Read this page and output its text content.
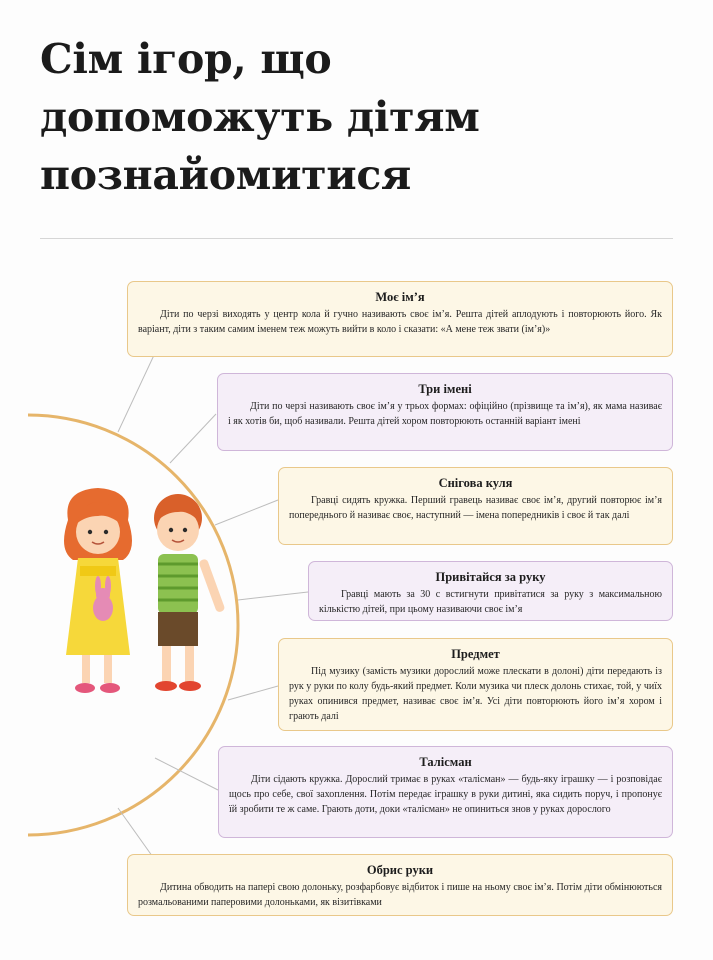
Сім ігор, що
допоможуть дітям
познайомитися
Моє ім’я
Діти по черзі виходять у центр кола й гучно називають своє ім’я. Решта дітей аплодують і повторюють його. Як варіант, діти з таким самим іменем теж можуть вийти в коло і сказати: «А мене теж звати (ім’я)»
Три імені
Діти по черзі називають своє ім’я у трьох формах: офіційно (прізвище та ім’я), як мама називає і як хотів би, щоб називали. Решта дітей хором повторюють останній варіант імені
Снігова куля
Гравці сидять кружка. Перший гравець називає своє ім’я, другий повторює ім’я попереднього й називає своє, наступний — імена попередників і своє й так далі
Привітайся за руку
Гравці мають за 30 с встигнути привітатися за руку з максимальною кількістю дітей, при цьому називаючи своє ім’я
Предмет
Під музику (замість музики дорослий може плескати в долоні) діти передають із рук у руки по колу будь-який предмет. Коли музика чи плеск долонь стихає, той, у чиїх руках опинився предмет, називає своє ім’я. Усі діти повторюють його ім’я хором і грають далі
Талісман
Діти сідають кружка. Дорослий тримає в руках «талісман» — будь-яку іграшку — і розповідає щось про себе, свої захоплення. Потім передає іграшку в руки дитині, яка сидить поруч, і пропонує їй зробити те ж саме. Грають доти, доки «талісман» не опиниться знов у руках дорослого
Обрис руки
Дитина обводить на папері свою долоньку, розфарбовує відбиток і пише на ньому своє ім’я. Потім діти обмінюються розмальованими паперовими долоньками, як візитівками
